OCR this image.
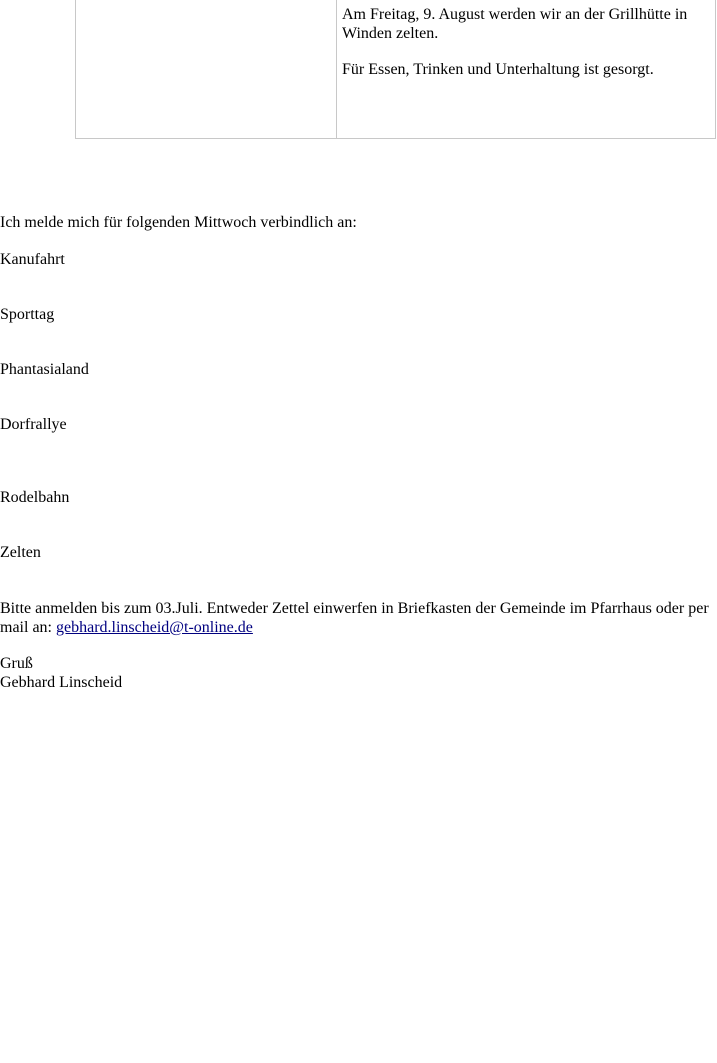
Am Freitag, 9. August werden wir an der Grillhütte in Winden zelten.

Für Essen, Trinken und Unterhaltung ist gesorgt.

Ich melde mich für folgenden Mittwoch verbindlich an:

Kanufahrt

Sporttag

Phantasialand

Dorfrallye

Rodelbahn

Zelten

Bitte anmelden bis zum 03.Juli. Entweder Zettel einwerfen in Briefkasten der Gemeinde im Pfarrhaus oder per mail an: gebhard.linscheid@t-online.de

Gruß

Gebhard Linscheid
